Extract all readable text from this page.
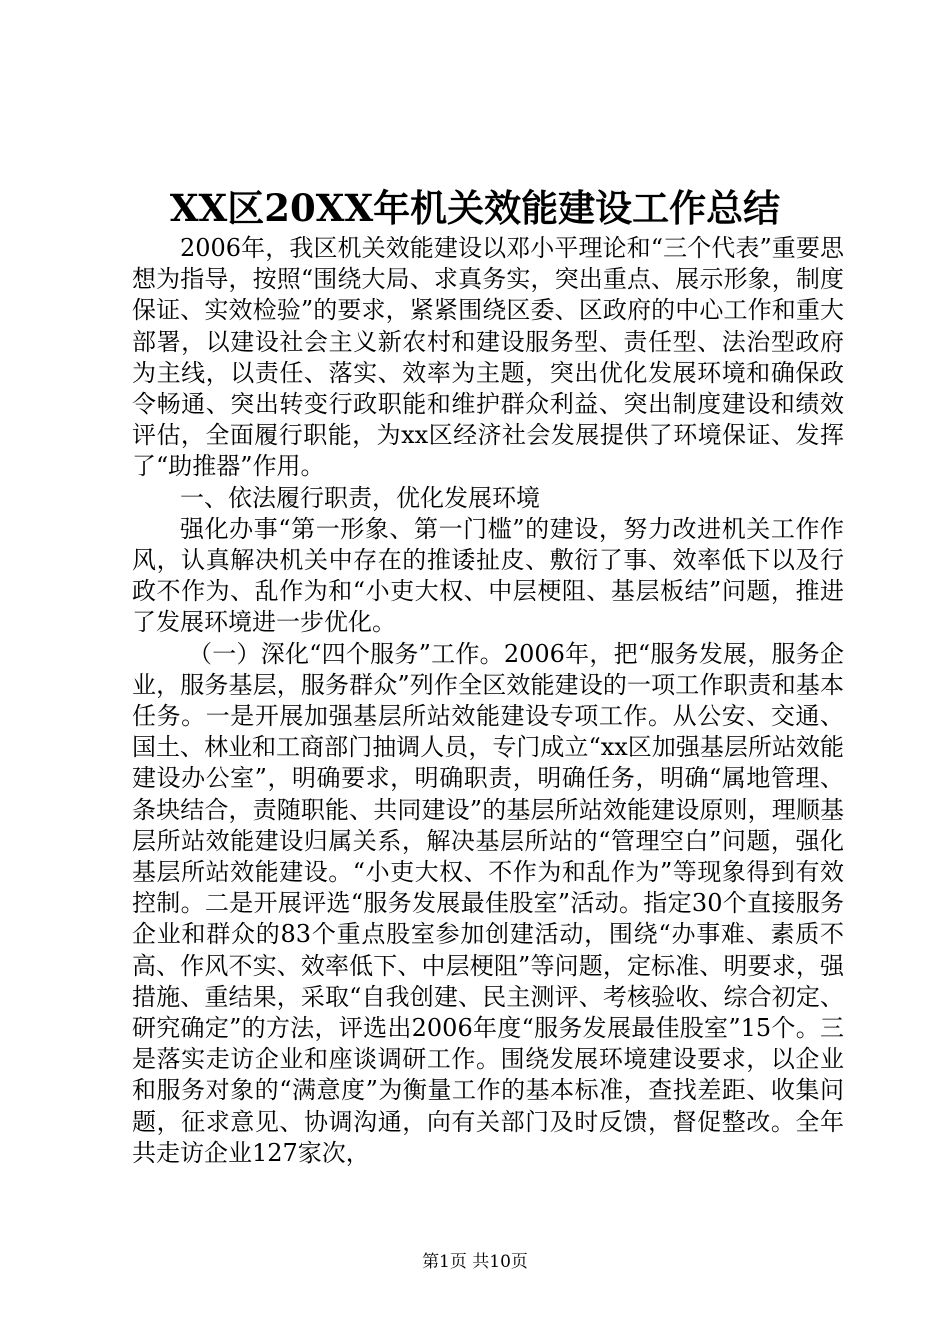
XX区20XX年机关效能建设工作总结

2006年，我区机关效能建设以邓小平理论和“三个代表”重要思想为指导，按照“围绕大局、求真务实，突出重点、展示形象，制度保证、实效检验”的要求，紧紧围绕区委、区政府的中心工作和重大部署，以建设社会主义新农村和建设服务型、责任型、法治型政府为主线，以责任、落实、效率为主题，突出优化发展环境和确保政令畅通、突出转变行政职能和维护群众利益、突出制度建设和绩效评估，全面履行职能，为xx区经济社会发展提供了环境保证、发挥了“助推器”作用。

一、依法履行职责，优化发展环境

强化办事“第一形象、第一门槛”的建设，努力改进机关工作作风，认真解决机关中存在的推诿扯皮、敷衍了事、效率低下以及行政不作为、乱作为和“小吏大权、中层梗阻、基层板结”问题，推进了发展环境进一步优化。

（一）深化“四个服务”工作。2006年，把“服务发展，服务企业，服务基层，服务群众”列作全区效能建设的一项工作职责和基本任务。一是开展加强基层所站效能建设专项工作。从公安、交通、国土、林业和工商部门抽调人员，专门成立“xx区加强基层所站效能建设办公室”，明确要求，明确职责，明确任务，明确“属地管理、条块结合，责随职能、共同建设”的基层所站效能建设原则，理顺基层所站效能建设归属关系，解决基层所站的“管理空白”问题，强化基层所站效能建设。“小吏大权、不作为和乱作为”等现象得到有效控制。二是开展评选“服务发展最佳股室”活动。指定30个直接服务企业和群众的83个重点股室参加创建活动，围绕“办事难、素质不高、作风不实、效率低下、中层梗阻”等问题，定标准、明要求，强措施、重结果，采取“自我创建、民主测评、考核验收、综合初定、研究确定”的方法，评选出2006年度“服务发展最佳股室”15个。三是落实走访企业和座谈调研工作。围绕发展环境建设要求，以企业和服务对象的“满意度”为衡量工作的基本标准，查找差距、收集问题，征求意见、协调沟通，向有关部门及时反馈，督促整改。全年共走访企业127家次，

第1页 共10页
